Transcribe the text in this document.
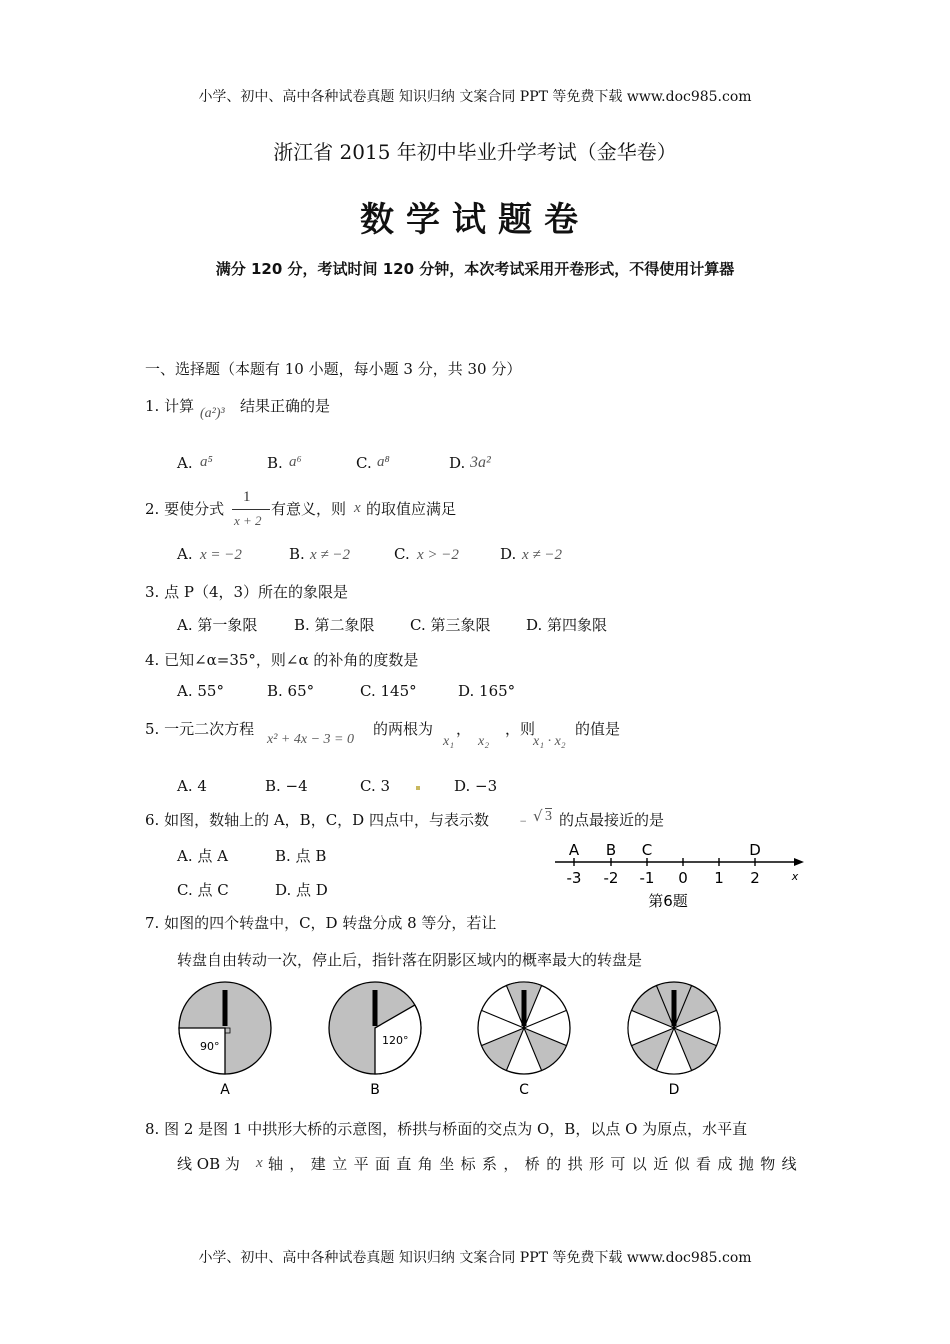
小学、初中、高中各种试卷真题 知识归纳 文案合同 PPT 等免费下载 www.doc985.com
浙江省 2015 年初中毕业升学考试（金华卷）
数学试题卷
满分 120 分，考试时间 120 分钟，本次考试采用开卷形式，不得使用计算器
一、选择题（本题有 10 小题，每小题 3 分，共 30 分）
1. 计算 (a²)³ 结果正确的是
A. a⁵	B. a⁶	C. a⁸	D. 3a²
2. 要使分式
1
x + 2
有意义，则 x 的取值应满足
A. x = −2	B. x ≠ −2	C. x > −2	D. x ≠ −2
3. 点 P（4，3）所在的象限是
A. 第一象限 B. 第二象限 C. 第三象限 D. 第四象限
4. 已知∠α=35°，则∠α 的补角的度数是
A. 55°	B. 65°	C. 145°	D. 165°
5. 一元二次方程
x² + 4x − 3 = 0
的两根为
x₁
，
x₂
，则
x₁ · x₂
的值是
A. 4	B. −4	C. 3	D. −3
6. 如图，数轴上的 A，B，C，D 四点中，与表示数	− √ 3 的点最接近的是
A. 点 A	B. 点 B
C. 点 C	D. 点 D
A B C	D
-3 -2 -1 0 1 2	x
第6题
7. 如图的四个转盘中，C，D 转盘分成 8 等分，若让
转盘自由转动一次，停止后，指针落在阴影区域内的概率最大的转盘是
90°
A
120°
B	C	D
8. 图 2 是图 1 中拱形大桥的示意图，桥拱与桥面的交点为 O，B，以点 O 为原点，水平直
线 OB 为 x 轴，建立平面直角坐标系，桥的拱形可以近似看成抛物线
小学、初中、高中各种试卷真题 知识归纳 文案合同 PPT 等免费下载 www.doc985.com
